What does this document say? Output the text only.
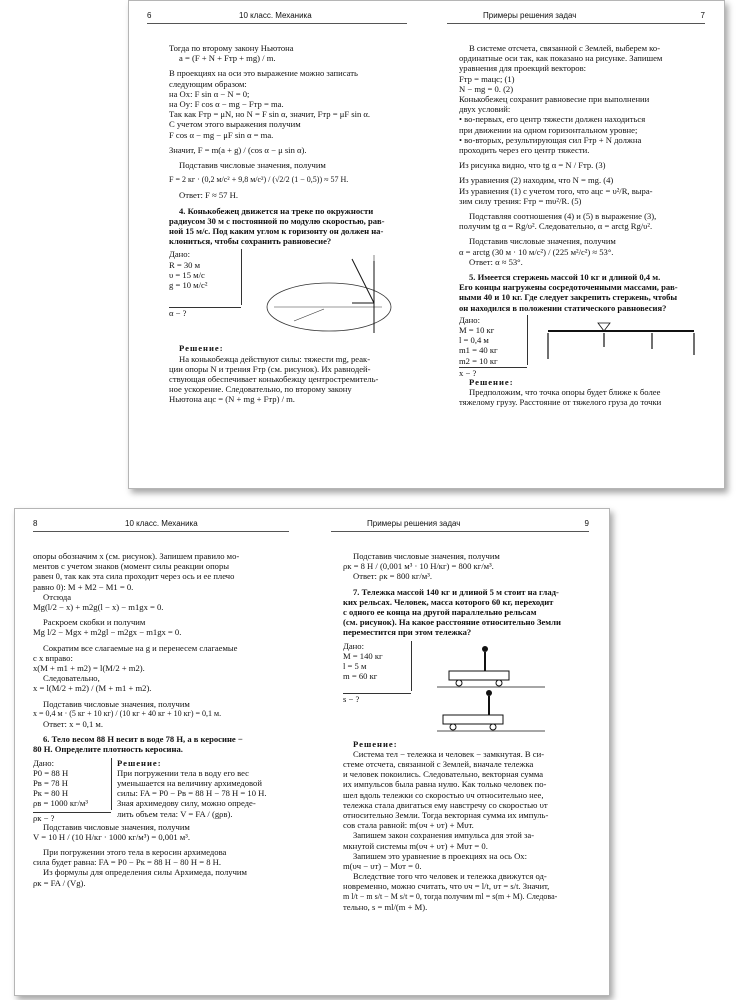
6	10 класс. Механика	Примеры решения задач	7
Тогда по второму закону Ньютона
a = (F + N + Fтр + mg) / m.
В проекциях на оси это выражение можно записать
следующим образом:
на Ox: F sin α − N = 0;
на Oy: F cos α − mg − Fтр = ma.
Так как Fтр = μN, но N = F sin α, значит, Fтр = μF sin α.
С учетом этого выражения получим
F cos α − mg − μF sin α = ma.
Значит, F = m(a + g) / (cos α − μ sin α).
Подставив числовые значения, получим
F = 2 кг · (0,2 м/с² + 9,8 м/с²) / (√2/2 (1 − 0,5)) ≈ 57 Н.
Ответ: F ≈ 57 Н.
4. Конькобежец движется на треке по окружности
радиусом 30 м с постоянной по модулю скоростью, рав-
ной 15 м/с. Под каким углом к горизонту он должен на-
клониться, чтобы сохранить равновесие?
Дано:
R = 30 м
υ = 15 м/с
g = 10 м/с²
α − ?
Решение:
На конькобежца действуют силы: тяжести mg, реак-
ции опоры N и трения Fтр (см. рисунок). Их равнодей-
ствующая обеспечивает конькобежцу центростремитель-
ное ускорение. Следовательно, по второму закону
Ньютона aцс = (N + mg + Fтр) / m.
В системе отсчета, связанной с Землей, выберем ко-
ординатные оси так, как показано на рисунке. Запишем
уравнения для проекций векторов:
Fтр = maцс; (1)
N − mg = 0. (2)
Конькобежец сохранит равновесие при выполнении
двух условий:
• во-первых, его центр тяжести должен находиться
при движении на одном горизонтальном уровне;
• во-вторых, результирующая сил Fтр + N должна
проходить через его центр тяжести.
Из рисунка видно, что tg α = N / Fтр. (3)
Из уравнения (2) находим, что N = mg. (4)
Из уравнения (1) с учетом того, что aцс = υ²/R, выра-
зим силу трения: Fтр = mυ²/R. (5)
Подставляя соотношения (4) и (5) в выражение (3),
получим tg α = Rg/υ². Следовательно, α = arctg Rg/υ².
Подставив числовые значения, получим
α = arctg (30 м · 10 м/с²) / (225 м²/с²) ≈ 53°.
Ответ: α ≈ 53°.
5. Имеется стержень массой 10 кг и длиной 0,4 м.
Его концы нагружены сосредоточенными массами, рав-
ными 40 и 10 кг. Где следует закрепить стержень, чтобы
он находился в положении статического равновесия?
Дано:
M = 10 кг
l = 0,4 м
m1 = 40 кг
m2 = 10 кг
x − ?
Решение:
Предположим, что точка опоры будет ближе к более
тяжелому грузу. Расстояние от тяжелого груза до точки
8	10 класс. Механика	Примеры решения задач	9
опоры обозначим x (см. рисунок). Запишем правило мо-
ментов с учетом знаков (момент силы реакции опоры
равен 0, так как эта сила проходит через ось и ее плечо
равно 0): M + M2 − M1 = 0.
Отсюда
Mg(l/2 − x) + m2g(l − x) − m1gx = 0.
Раскроем скобки и получим
Mg l/2 − Mgx + m2gl − m2gx − m1gx = 0.
Сократим все слагаемые на g и перенесем слагаемые
с x вправо:
x(M + m1 + m2) = l(M/2 + m2).
Следовательно,
x = l(M/2 + m2) / (M + m1 + m2).
Подставив числовые значения, получим
x = 0,4 м · (5 кг + 10 кг) / (10 кг + 40 кг + 10 кг) = 0,1 м.
Ответ: x = 0,1 м.
6. Тело весом 88 Н весит в воде 78 Н, а в керосине −
80 Н. Определите плотность керосина.
Дано:
P0 = 88 Н
Pв = 78 Н
Pк = 80 Н
ρв = 1000 кг/м³
ρк − ?
Решение:
При погружении тела в воду его вес
уменьшается на величину архимедовой
силы: FA = P0 − Pв = 88 Н − 78 Н = 10 Н.
Зная архимедову силу, можно опреде-
лить объем тела: V = FA / (gρв).
Подставив числовые значения, получим
V = 10 Н / (10 Н/кг · 1000 кг/м³) = 0,001 м³.
При погружении этого тела в керосин архимедова
сила будет равна: FA = P0 − Pк = 88 Н − 80 Н = 8 Н.
Из формулы для определения силы Архимеда, получим
ρк = FA / (Vg).
Подставив числовые значения, получим
ρк = 8 Н / (0,001 м³ · 10 Н/кг) = 800 кг/м³.
Ответ: ρк = 800 кг/м³.
7. Тележка массой 140 кг и длиной 5 м стоит на глад-
ких рельсах. Человек, масса которого 60 кг, переходит
с одного ее конца на другой параллельно рельсам
(см. рисунок). На какое расстояние относительно Земли
переместится при этом тележка?
Дано:
M = 140 кг
l = 5 м
m = 60 кг
s − ?
Решение:
Система тел − тележка и человек − замкнутая. В си-
стеме отсчета, связанной с Землей, вначале тележка
и человек покоились. Следовательно, векторная сумма
их импульсов была равна нулю. Как только человек по-
шел вдоль тележки со скоростью υч относительно нее,
тележка стала двигаться ему навстречу со скоростью υт
относительно Земли. Тогда векторная сумма их импуль-
сов стала равной: m(υч + υт) + Mυт.
Запишем закон сохранения импульса для этой за-
мкнутой системы m(υч + υт) + Mυт = 0.
Запишем это уравнение в проекциях на ось Ox:
m(υч − υт) − Mυт = 0.
Вследствие того что человек и тележка движутся од-
новременно, можно считать, что υч = l/t, υт = s/t. Значит,
m l/t − m s/t − M s/t = 0, тогда получим ml = s(m + M). Следова-
тельно, s = ml/(m + M).
